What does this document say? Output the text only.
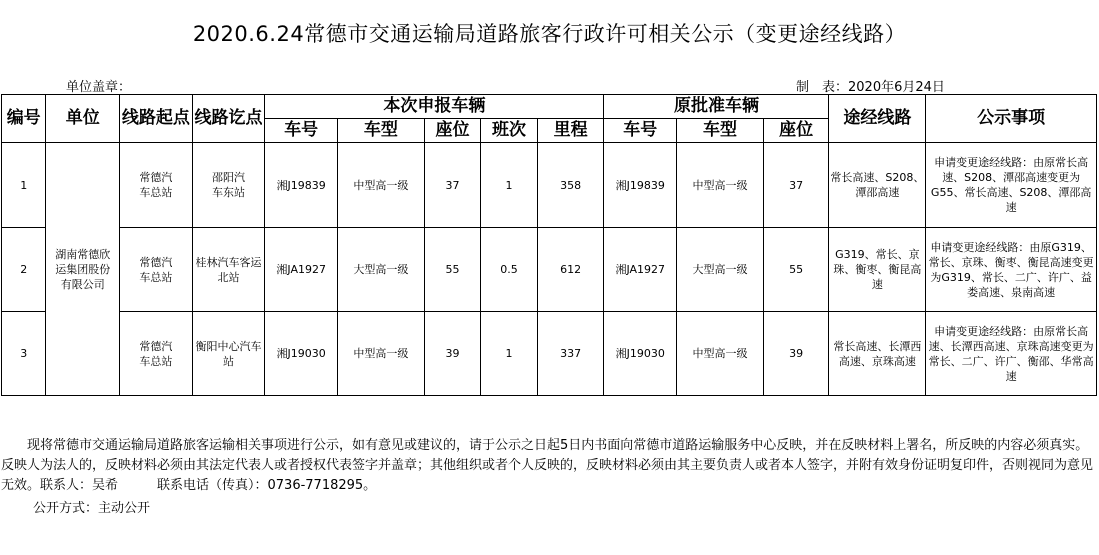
2020.6.24常德市交通运输局道路旅客行政许可相关公示（变更途经线路）
单位盖章：	制　表：2020年6月24日
编号	单位	线路起点	线路讫点	本次申报车辆					原批准车辆			途经线路	公示事项
				车号	车型	座位	班次	里程	车号	车型	座位		
1	湖南常德欣运集团股份有限公司	常德汽车总站	邵阳汽车东站	湘J19839	中型高一级	37	1	358	湘J19839	中型高一级	37	常长高速、S208、潭邵高速	申请变更途经线路：由原常长高速、S208、潭邵高速变更为G55、常长高速、S208、潭邵高速
2		常德汽车总站	桂林汽车客运北站	湘JA1927	大型高一级	55	0.5	612	湘JA1927	大型高一级	55	G319、常长、京珠、衡枣、衡昆高速	申请变更途经线路：由原G319、常长、京珠、衡枣、衡昆高速变更为G319、常长、二广、许广、益娄高速、泉南高速
3		常德汽车总站	衡阳中心汽车站	湘J19030	中型高一级	39	1	337	湘J19030	中型高一级	39	常长高速、长潭西高速、京珠高速	申请变更途经线路：由原常长高速、长潭西高速、京珠高速变更为常长、二广、许广、衡邵、华常高速
现将常德市交通运输局道路旅客运输相关事项进行公示，如有意见或建议的，请于公示之日起5日内书面向常德市道路运输服务中心反映，并在反映材料上署名，所反映的内容必须真实。反映人为法人的，反映材料必须由其法定代表人或者授权代表签字并盖章；其他组织或者个人反映的，反映材料必须由其主要负责人或者本人签字，并附有效身份证明复印件，否则视同为意见无效。联系人：吴希　　　联系电话（传真）：0736-7718295。
公开方式：主动公开
